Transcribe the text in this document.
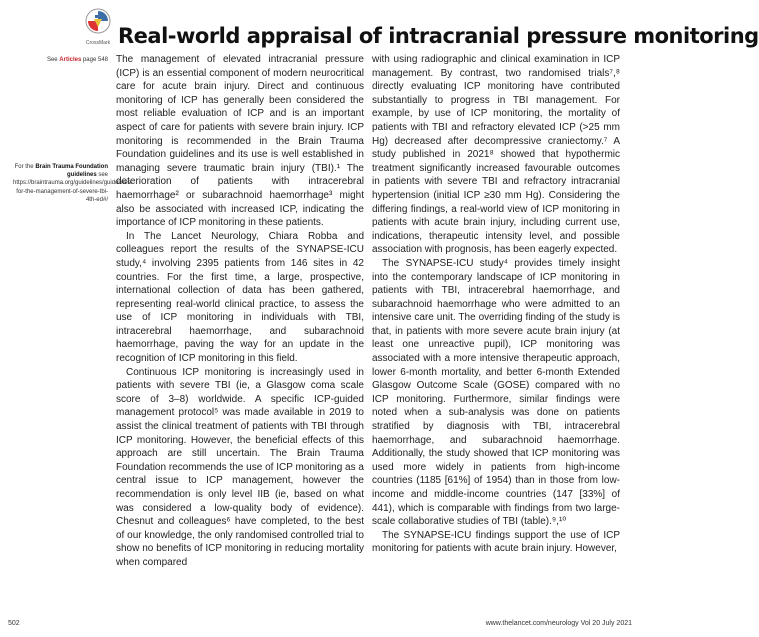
CrossMark Real-world appraisal of intracranial pressure monitoring
See Articles page 548
For the Brain Trauma Foundation guidelines see https://braintrauma.org/guidelines/guidelines-for-the-management-of-severe-tbi-4th-ed#/

The management of elevated intracranial pressure (ICP) is an essential component of modern neurocritical care for acute brain injury. Direct and continuous monitoring of ICP has generally been considered the most reliable evaluation of ICP and is an important aspect of care for patients with severe brain injury. ICP monitoring is recommended in the Brain Trauma Foundation guidelines and its use is well established in managing severe traumatic brain injury (TBI).¹ The deterioration of patients with intracerebral haemorrhage² or subarachnoid haemorrhage³ might also be associated with increased ICP, indicating the importance of ICP monitoring in these patients.

In The Lancet Neurology, Chiara Robba and colleagues report the results of the SYNAPSE-ICU study,⁴ involving 2395 patients from 146 sites in 42 countries. For the first time, a large, prospective, international collection of data has been gathered, representing real-world clinical practice, to assess the use of ICP monitoring in individuals with TBI, intracerebral haemorrhage, and subarachnoid haemorrhage, paving the way for an update in the recognition of ICP monitoring in this field.

Continuous ICP monitoring is increasingly used in patients with severe TBI (ie, a Glasgow coma scale score of 3–8) worldwide. A specific ICP-guided management protocol⁵ was made available in 2019 to assist the clinical treatment of patients with TBI through ICP monitoring. However, the beneficial effects of this approach are still uncertain. The Brain Trauma Foundation recommends the use of ICP monitoring as a central issue to ICP management, however the recommendation is only level IIB (ie, based on what was considered a low-quality body of evidence). Chesnut and colleagues⁶ have completed, to the best of our knowledge, the only randomised controlled trial to show no benefits of ICP monitoring in reducing mortality when compared

with using radiographic and clinical examination in ICP management. By contrast, two randomised trials⁷,⁸ directly evaluating ICP monitoring have contributed substantially to progress in TBI management. For example, by use of ICP monitoring, the mortality of patients with TBI and refractory elevated ICP (>25 mm Hg) decreased after decompressive craniectomy.⁷ A study published in 2021⁸ showed that hypothermic treatment significantly increased favourable outcomes in patients with severe TBI and refractory intracranial hypertension (initial ICP ≥30 mm Hg). Considering the differing findings, a real-world view of ICP monitoring in patients with acute brain injury, including current use, indications, therapeutic intensity level, and possible association with prognosis, has been eagerly expected.

The SYNAPSE-ICU study⁴ provides timely insight into the contemporary landscape of ICP monitoring in patients with TBI, intracerebral haemorrhage, and subarachnoid haemorrhage who were admitted to an intensive care unit. The overriding finding of the study is that, in patients with more severe acute brain injury (at least one unreactive pupil), ICP monitoring was associated with a more intensive therapeutic approach, lower 6-month mortality, and better 6-month Extended Glasgow Outcome Scale (GOSE) compared with no ICP monitoring. Furthermore, similar findings were noted when a sub-analysis was done on patients stratified by diagnosis with TBI, intracerebral haemorrhage, and subarachnoid haemorrhage. Additionally, the study showed that ICP monitoring was used more widely in patients from high-income countries (1185 [61%] of 1954) than in those from low-income and middle-income countries (147 [33%] of 441), which is comparable with findings from two large-scale collaborative studies of TBI (table).⁹,¹⁰

The SYNAPSE-ICU findings support the use of ICP monitoring for patients with acute brain injury. However,

502	www.thelancet.com/neurology Vol 20 July 2021
